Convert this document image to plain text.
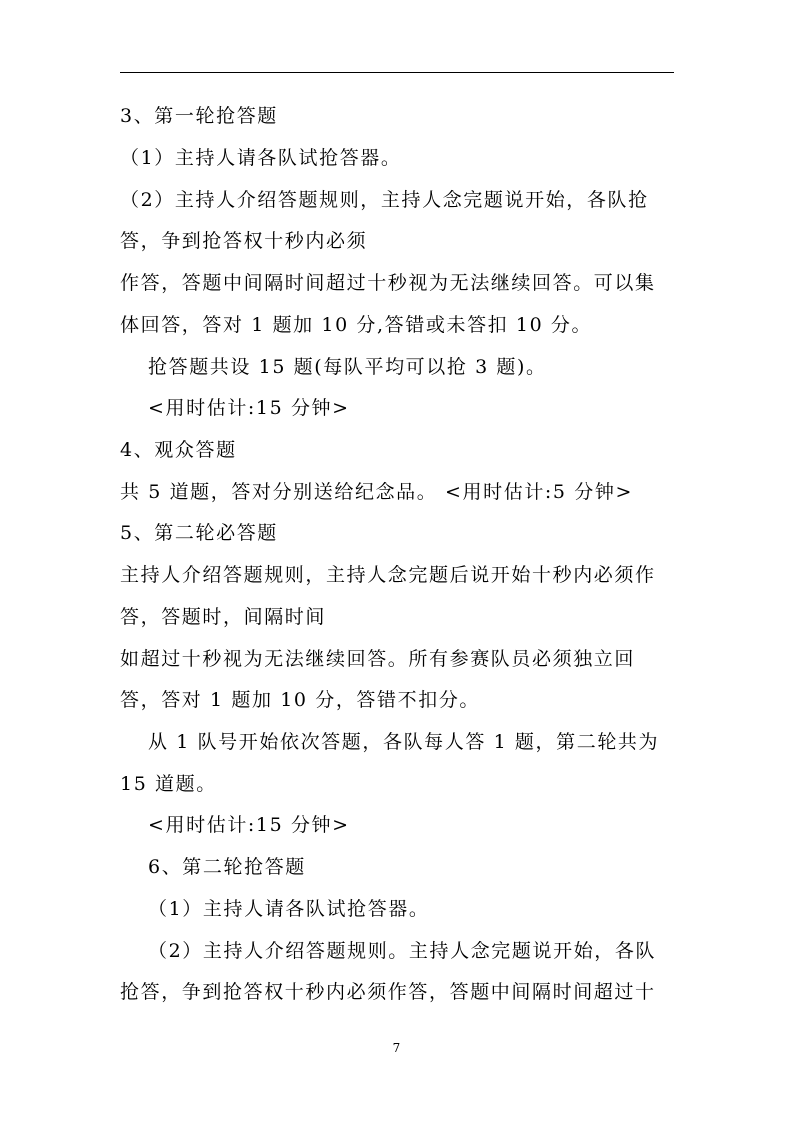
3、第一轮抢答题
（1）主持人请各队试抢答器。
（2）主持人介绍答题规则，主持人念完题说开始，各队抢
答，争到抢答权十秒内必须
作答，答题中间隔时间超过十秒视为无法继续回答。可以集
体回答，答对 1 题加 10 分,答错或未答扣 10 分。
抢答题共设 15 题(每队平均可以抢 3 题)。
<用时估计:15 分钟>
4、观众答题
共 5 道题，答对分别送给纪念品。 <用时估计:5 分钟>
5、第二轮必答题
主持人介绍答题规则，主持人念完题后说开始十秒内必须作
答，答题时，间隔时间
如超过十秒视为无法继续回答。所有参赛队员必须独立回
答，答对 1 题加 10 分，答错不扣分。
从 1 队号开始依次答题，各队每人答 1 题，第二轮共为
15 道题。
<用时估计:15 分钟>
6、第二轮抢答题
（1）主持人请各队试抢答器。
（2）主持人介绍答题规则。主持人念完题说开始，各队
抢答，争到抢答权十秒内必须作答，答题中间隔时间超过十
7
